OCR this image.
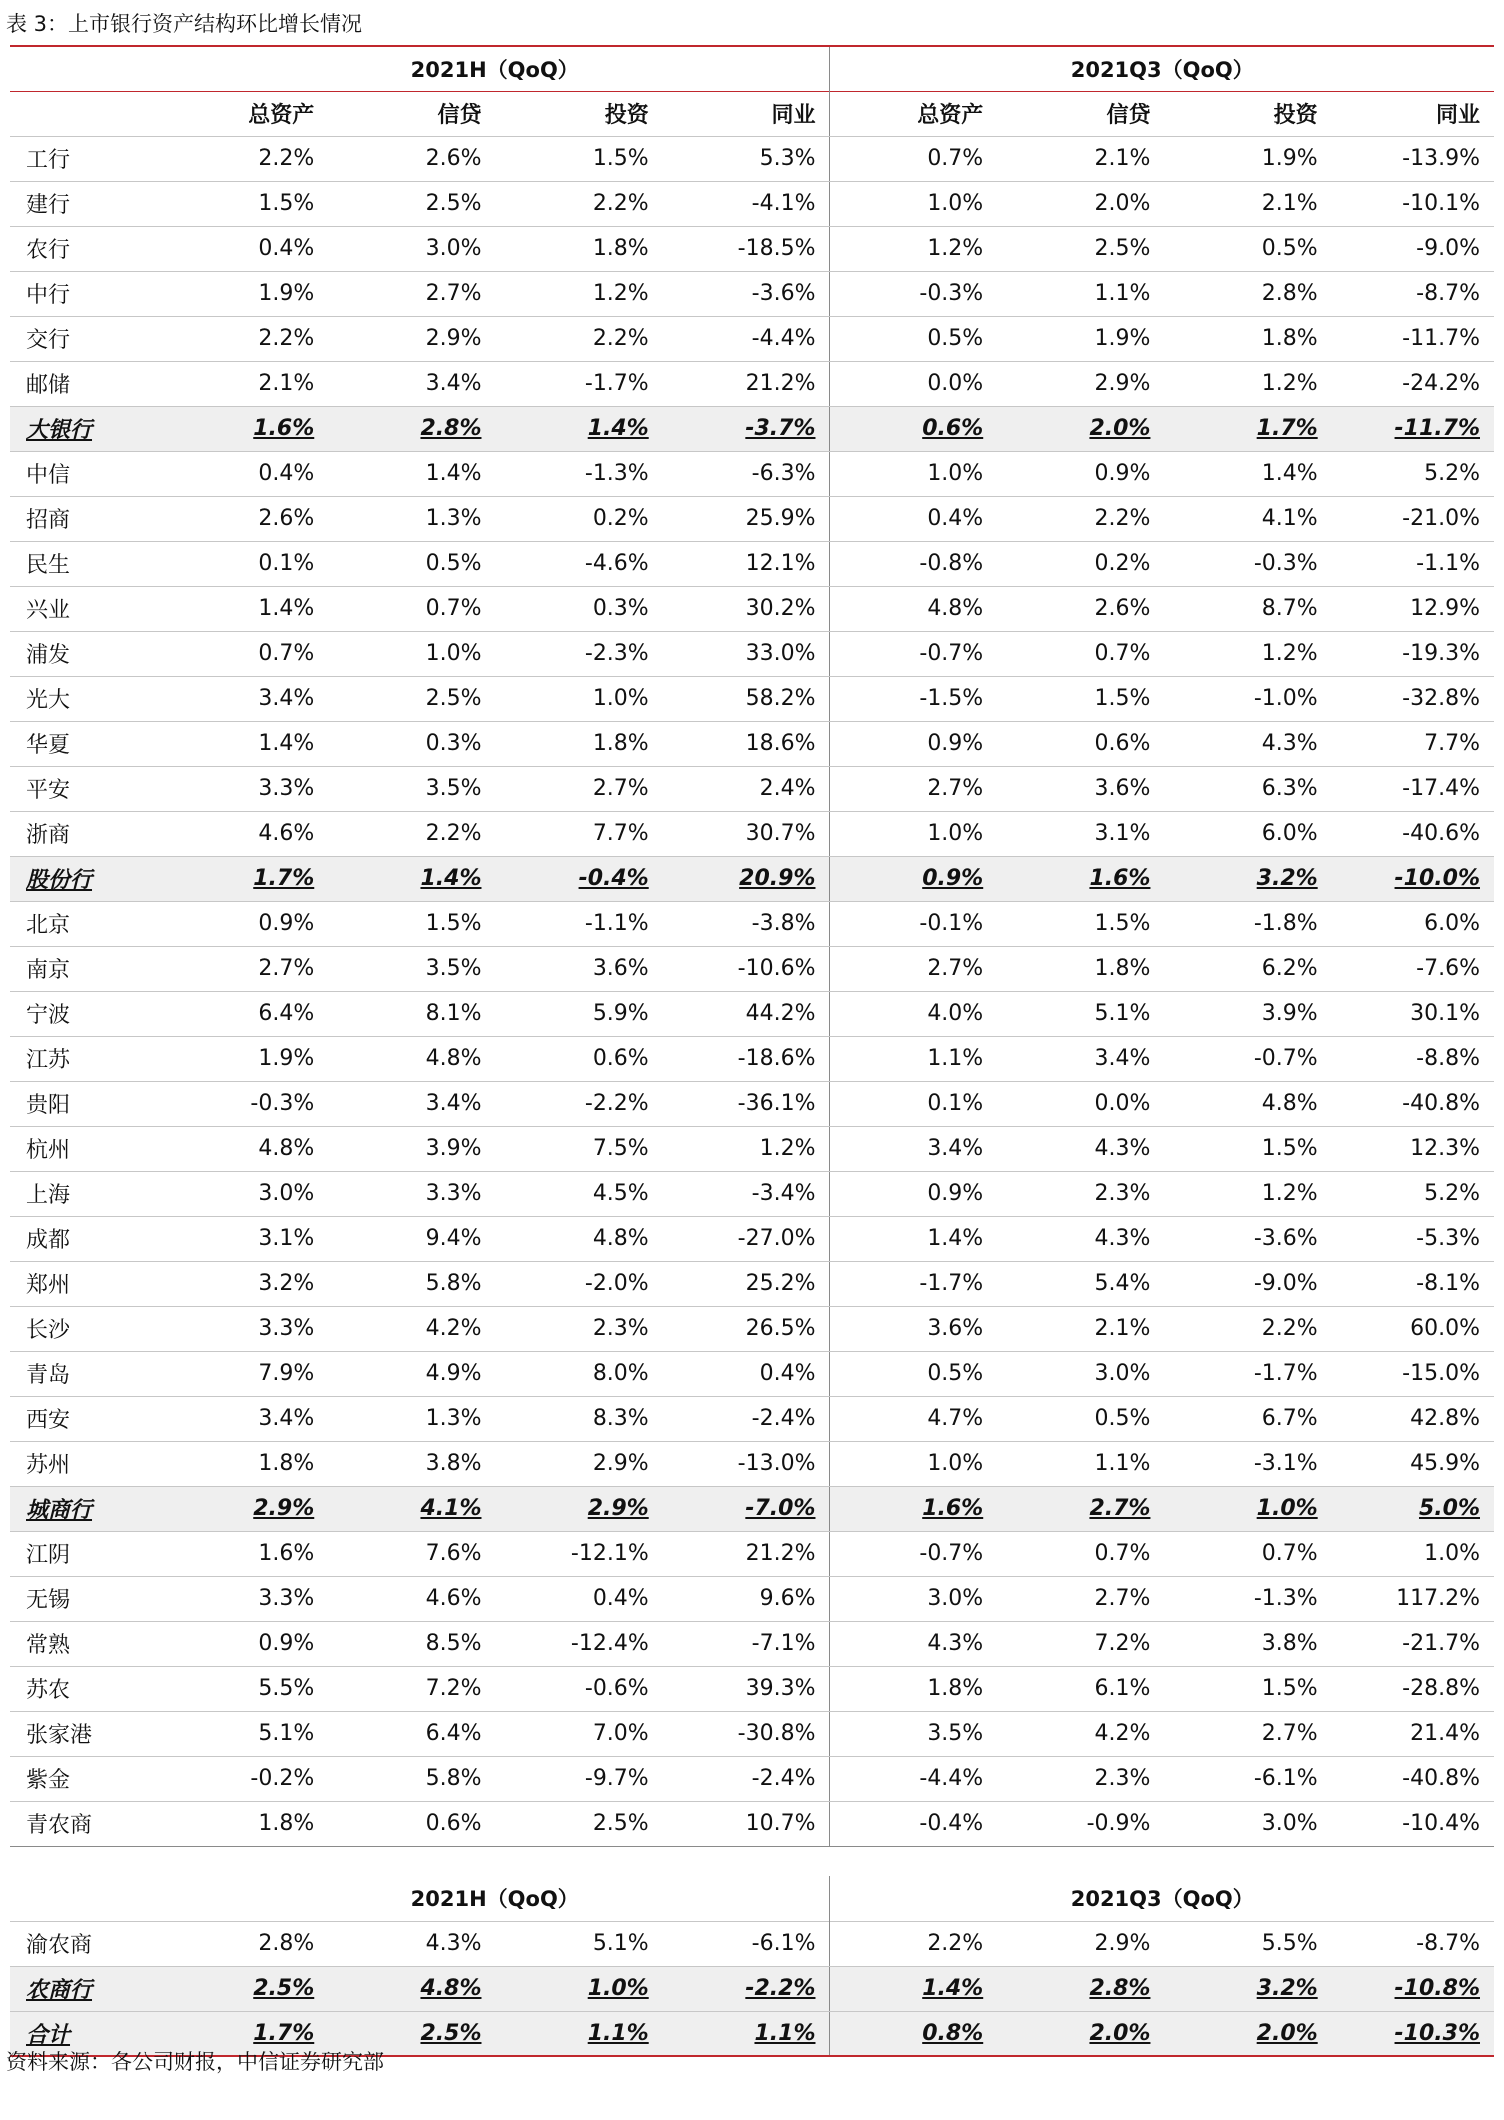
表 3：上市银行资产结构环比增长情况
	2021H（QoQ）				2021Q3（QoQ）			
	总资产	信贷	投资	同业	总资产	信贷	投资	同业
工行	2.2%	2.6%	1.5%	5.3%	0.7%	2.1%	1.9%	-13.9%
建行	1.5%	2.5%	2.2%	-4.1%	1.0%	2.0%	2.1%	-10.1%
农行	0.4%	3.0%	1.8%	-18.5%	1.2%	2.5%	0.5%	-9.0%
中行	1.9%	2.7%	1.2%	-3.6%	-0.3%	1.1%	2.8%	-8.7%
交行	2.2%	2.9%	2.2%	-4.4%	0.5%	1.9%	1.8%	-11.7%
邮储	2.1%	3.4%	-1.7%	21.2%	0.0%	2.9%	1.2%	-24.2%
大银行	1.6%	2.8%	1.4%	-3.7%	0.6%	2.0%	1.7%	-11.7%
中信	0.4%	1.4%	-1.3%	-6.3%	1.0%	0.9%	1.4%	5.2%
招商	2.6%	1.3%	0.2%	25.9%	0.4%	2.2%	4.1%	-21.0%
民生	0.1%	0.5%	-4.6%	12.1%	-0.8%	0.2%	-0.3%	-1.1%
兴业	1.4%	0.7%	0.3%	30.2%	4.8%	2.6%	8.7%	12.9%
浦发	0.7%	1.0%	-2.3%	33.0%	-0.7%	0.7%	1.2%	-19.3%
光大	3.4%	2.5%	1.0%	58.2%	-1.5%	1.5%	-1.0%	-32.8%
华夏	1.4%	0.3%	1.8%	18.6%	0.9%	0.6%	4.3%	7.7%
平安	3.3%	3.5%	2.7%	2.4%	2.7%	3.6%	6.3%	-17.4%
浙商	4.6%	2.2%	7.7%	30.7%	1.0%	3.1%	6.0%	-40.6%
股份行	1.7%	1.4%	-0.4%	20.9%	0.9%	1.6%	3.2%	-10.0%
北京	0.9%	1.5%	-1.1%	-3.8%	-0.1%	1.5%	-1.8%	6.0%
南京	2.7%	3.5%	3.6%	-10.6%	2.7%	1.8%	6.2%	-7.6%
宁波	6.4%	8.1%	5.9%	44.2%	4.0%	5.1%	3.9%	30.1%
江苏	1.9%	4.8%	0.6%	-18.6%	1.1%	3.4%	-0.7%	-8.8%
贵阳	-0.3%	3.4%	-2.2%	-36.1%	0.1%	0.0%	4.8%	-40.8%
杭州	4.8%	3.9%	7.5%	1.2%	3.4%	4.3%	1.5%	12.3%
上海	3.0%	3.3%	4.5%	-3.4%	0.9%	2.3%	1.2%	5.2%
成都	3.1%	9.4%	4.8%	-27.0%	1.4%	4.3%	-3.6%	-5.3%
郑州	3.2%	5.8%	-2.0%	25.2%	-1.7%	5.4%	-9.0%	-8.1%
长沙	3.3%	4.2%	2.3%	26.5%	3.6%	2.1%	2.2%	60.0%
青岛	7.9%	4.9%	8.0%	0.4%	0.5%	3.0%	-1.7%	-15.0%
西安	3.4%	1.3%	8.3%	-2.4%	4.7%	0.5%	6.7%	42.8%
苏州	1.8%	3.8%	2.9%	-13.0%	1.0%	1.1%	-3.1%	45.9%
城商行	2.9%	4.1%	2.9%	-7.0%	1.6%	2.7%	1.0%	5.0%
江阴	1.6%	7.6%	-12.1%	21.2%	-0.7%	0.7%	0.7%	1.0%
无锡	3.3%	4.6%	0.4%	9.6%	3.0%	2.7%	-1.3%	117.2%
常熟	0.9%	8.5%	-12.4%	-7.1%	4.3%	7.2%	3.8%	-21.7%
苏农	5.5%	7.2%	-0.6%	39.3%	1.8%	6.1%	1.5%	-28.8%
张家港	5.1%	6.4%	7.0%	-30.8%	3.5%	4.2%	2.7%	21.4%
紫金	-0.2%	5.8%	-9.7%	-2.4%	-4.4%	2.3%	-6.1%	-40.8%
青农商	1.8%	0.6%	2.5%	10.7%	-0.4%	-0.9%	3.0%	-10.4%
	2021H（QoQ）				2021Q3（QoQ）			
渝农商	2.8%	4.3%	5.1%	-6.1%	2.2%	2.9%	5.5%	-8.7%
农商行	2.5%	4.8%	1.0%	-2.2%	1.4%	2.8%	3.2%	-10.8%
合计	1.7%	2.5%	1.1%	1.1%	0.8%	2.0%	2.0%	-10.3%
资料来源：各公司财报，中信证券研究部
